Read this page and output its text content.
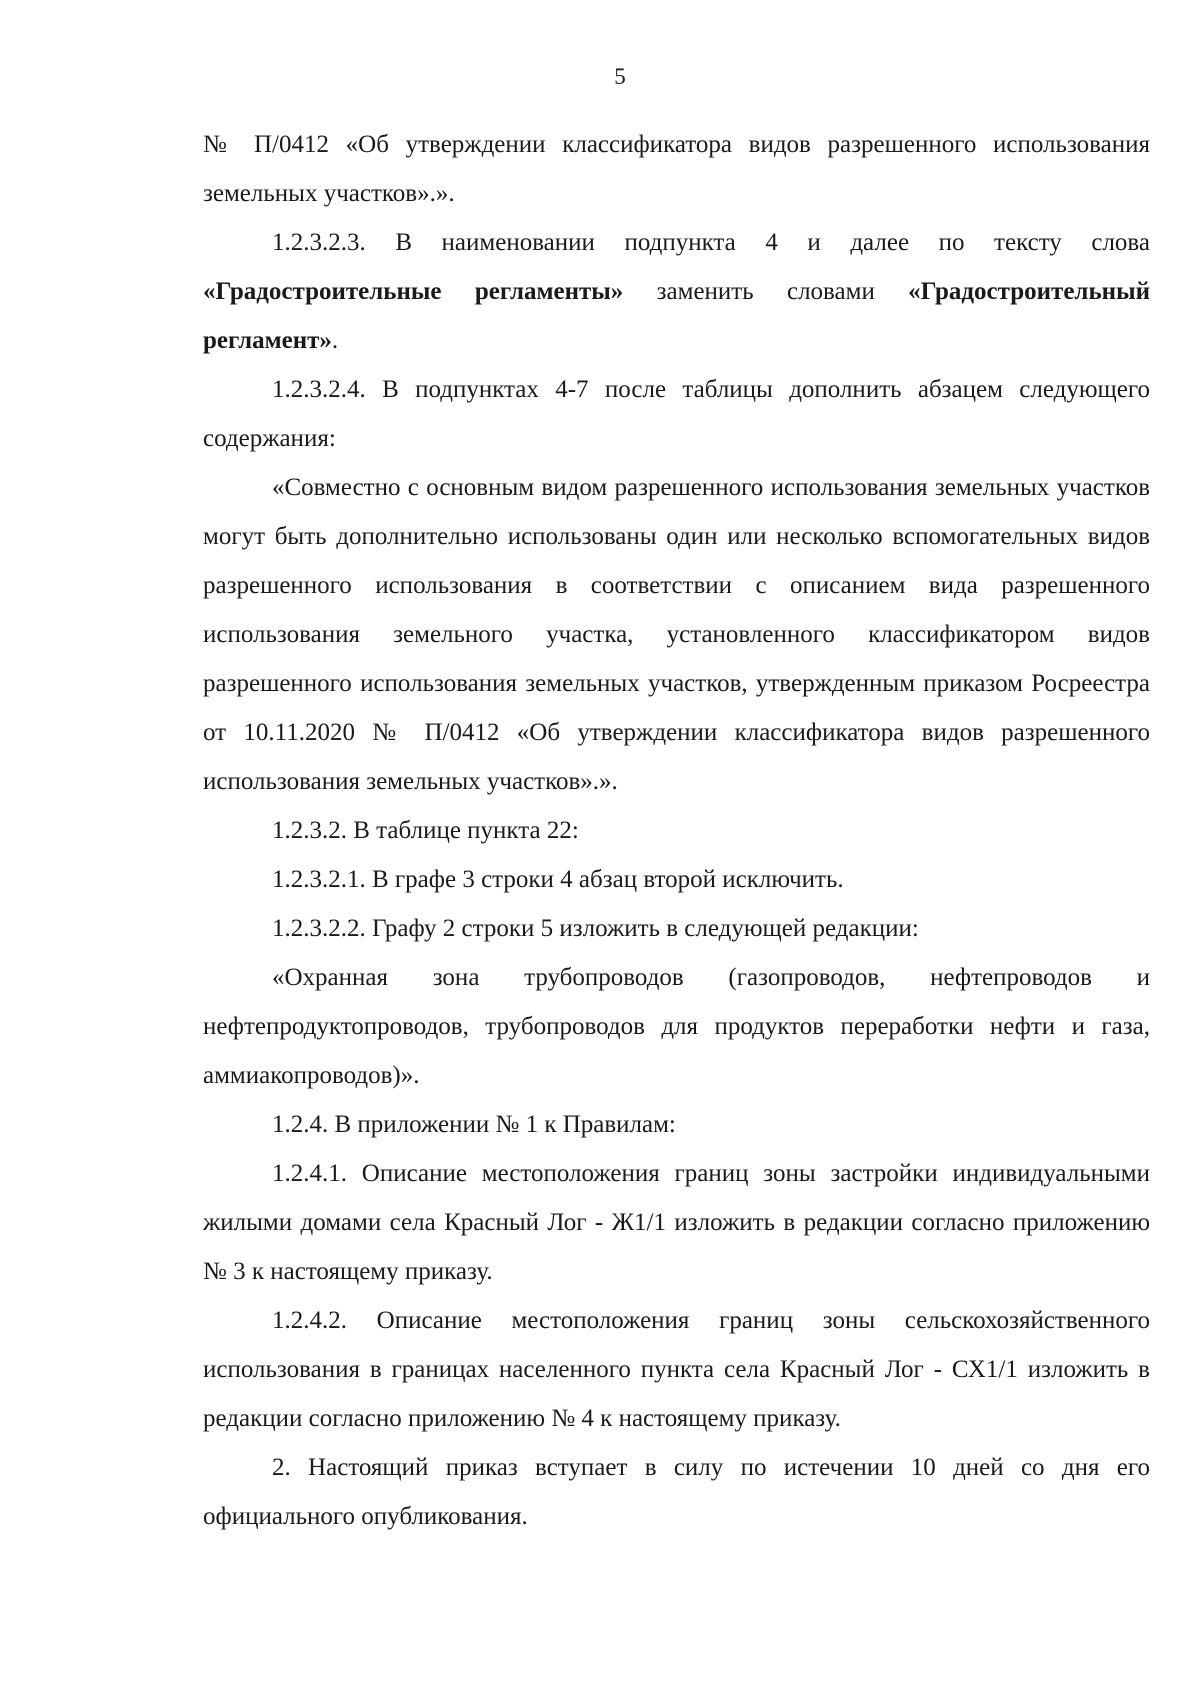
5

№ П/0412 «Об утверждении классификатора видов разрешенного использования земельных участков».».

1.2.3.2.3. В наименовании подпункта 4 и далее по тексту слова «Градостроительные регламенты» заменить словами «Градостроительный регламент».

1.2.3.2.4. В подпунктах 4-7 после таблицы дополнить абзацем следующего содержания:

«Совместно с основным видом разрешенного использования земельных участков могут быть дополнительно использованы один или несколько вспомогательных видов разрешенного использования в соответствии с описанием вида разрешенного использования земельного участка, установленного классификатором видов разрешенного использования земельных участков, утвержденным приказом Росреестра от 10.11.2020 № П/0412 «Об утверждении классификатора видов разрешенного использования земельных участков».».

1.2.3.2. В таблице пункта 22:

1.2.3.2.1. В графе 3 строки 4 абзац второй исключить.

1.2.3.2.2. Графу 2 строки 5 изложить в следующей редакции:

«Охранная зона трубопроводов (газопроводов, нефтепроводов и нефтепродуктопроводов, трубопроводов для продуктов переработки нефти и газа, аммиакопроводов)».

1.2.4. В приложении № 1 к Правилам:

1.2.4.1. Описание местоположения границ зоны застройки индивидуальными жилыми домами села Красный Лог - Ж1/1 изложить в редакции согласно приложению № 3 к настоящему приказу.

1.2.4.2. Описание местоположения границ зоны сельскохозяйственного использования в границах населенного пункта села Красный Лог - СХ1/1 изложить в редакции согласно приложению № 4 к настоящему приказу.

2. Настоящий приказ вступает в силу по истечении 10 дней со дня его официального опубликования.
